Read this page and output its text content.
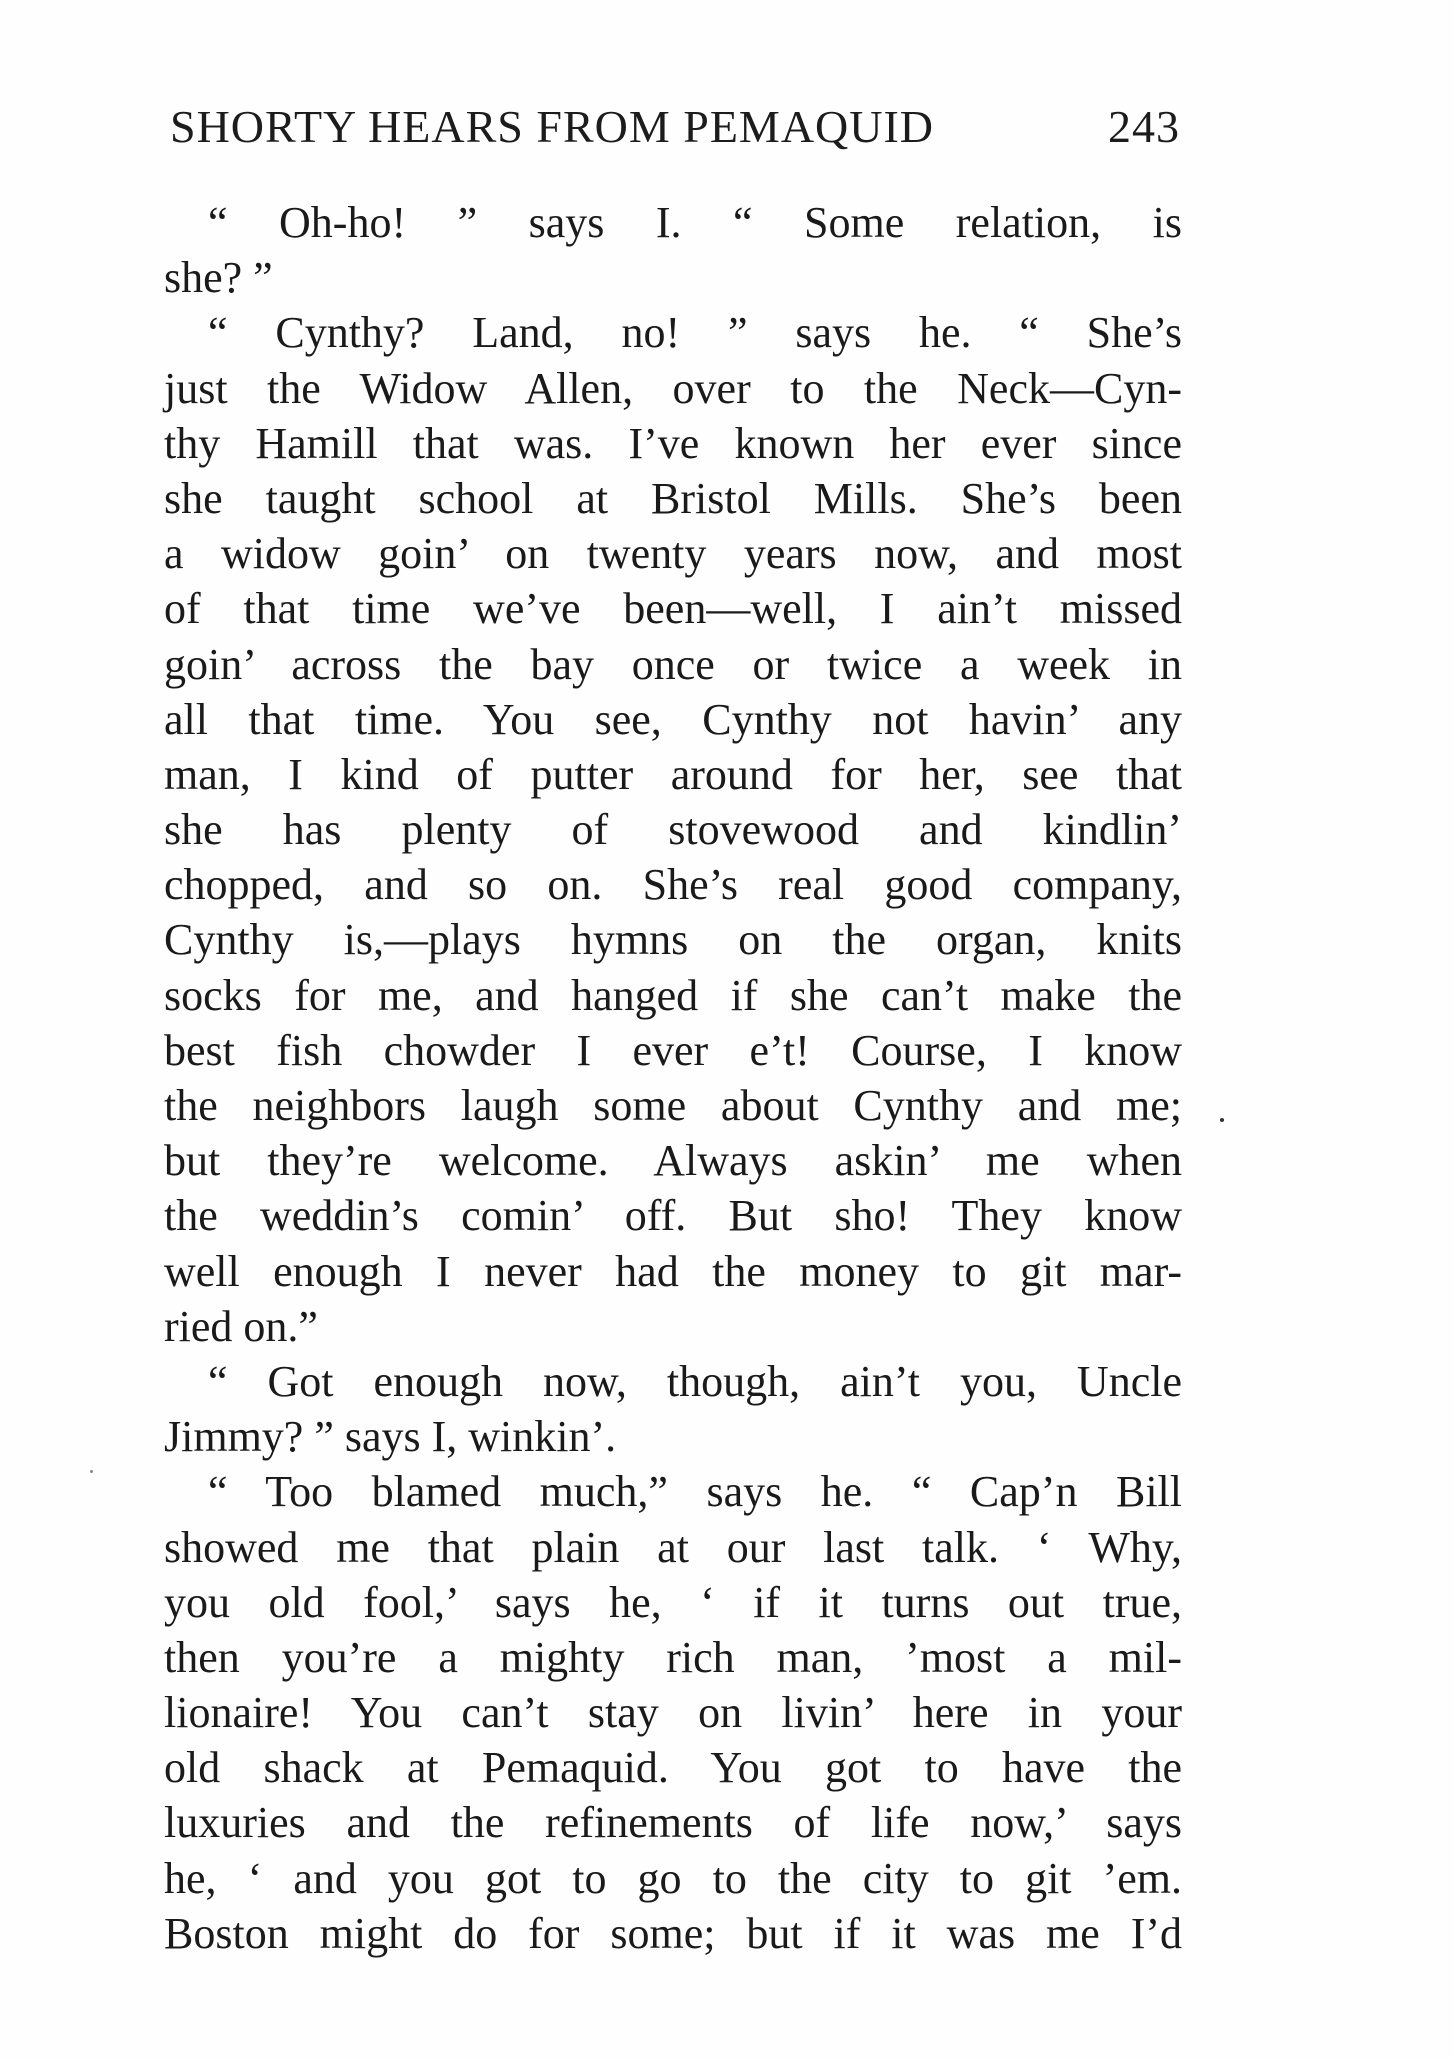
SHORTY HEARS FROM PEMAQUID	243
“ Oh-ho! ” says I. “ Some relation, is
she? ”
“ Cynthy? Land, no! ” says he. “ She’s
just the Widow Allen, over to the Neck—Cyn-
thy Hamill that was. I’ve known her ever since
she taught school at Bristol Mills. She’s been
a widow goin’ on twenty years now, and most
of that time we’ve been—well, I ain’t missed
goin’ across the bay once or twice a week in
all that time. You see, Cynthy not havin’ any
man, I kind of putter around for her, see that
she has plenty of stovewood and kindlin’
chopped, and so on. She’s real good company,
Cynthy is,—plays hymns on the organ, knits
socks for me, and hanged if she can’t make the
best fish chowder I ever e’t! Course, I know
the neighbors laugh some about Cynthy and me;
but they’re welcome. Always askin’ me when
the weddin’s comin’ off. But sho! They know
well enough I never had the money to git mar-
ried on.”
“ Got enough now, though, ain’t you, Uncle
Jimmy? ” says I, winkin’.
“ Too blamed much,” says he. “ Cap’n Bill
showed me that plain at our last talk. ‘ Why,
you old fool,’ says he, ‘ if it turns out true,
then you’re a mighty rich man, ’most a mil-
lionaire! You can’t stay on livin’ here in your
old shack at Pemaquid. You got to have the
luxuries and the refinements of life now,’ says
he, ‘ and you got to go to the city to git ’em.
Boston might do for some; but if it was me I’d
